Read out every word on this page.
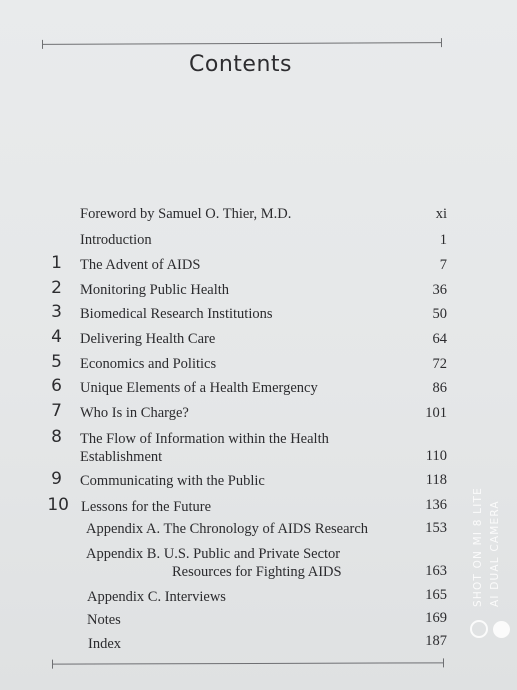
Contents
Foreword by Samuel O. Thier, M.D.	xi
Introduction	1
1 The Advent of AIDS	7
2 Monitoring Public Health	36
3 Biomedical Research Institutions	50
4 Delivering Health Care	64
5 Economics and Politics	72
6 Unique Elements of a Health Emergency	86
7 Who Is in Charge?	101
8 The Flow of Information within the Health
Establishment	110
9 Communicating with the Public	118
10 Lessons for the Future	136
Appendix A. The Chronology of AIDS Research	153
Appendix B. U.S. Public and Private Sector
Resources for Fighting AIDS	163
Appendix C. Interviews	165
Notes	169
Index	187
SHOT ON MI 8 LITE AI DUAL CAMERA
